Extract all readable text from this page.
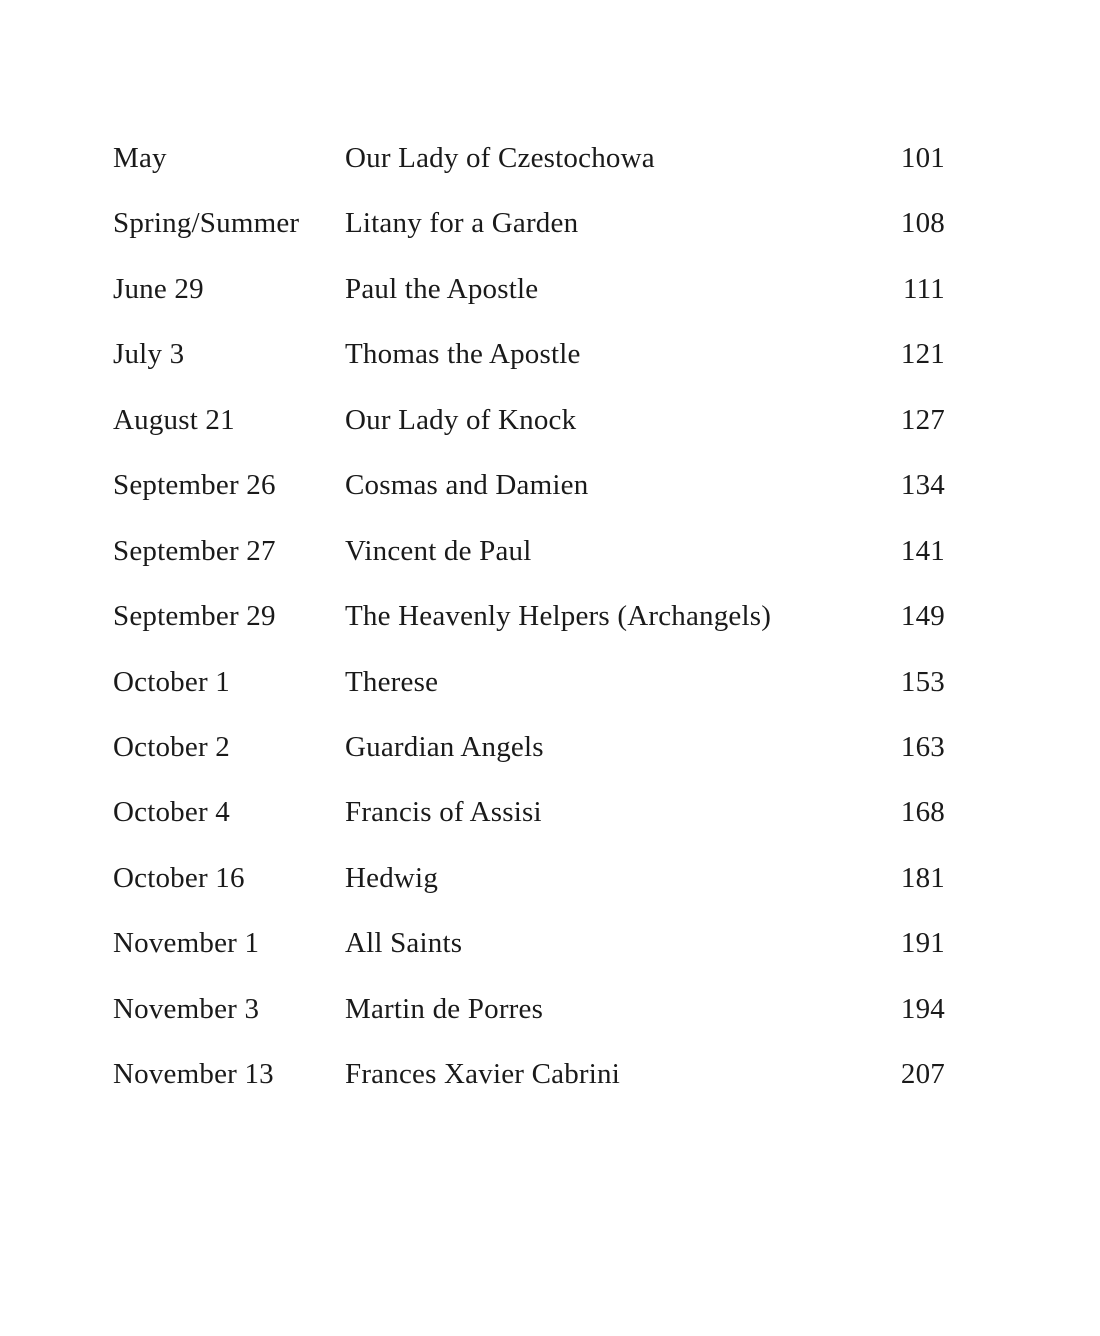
May	Our Lady of Czestochowa	101
Spring/Summer	Litany for a Garden	108
June 29	Paul the Apostle	111
July 3	Thomas the Apostle	121
August 21	Our Lady of Knock	127
September 26	Cosmas and Damien	134
September 27	Vincent de Paul	141
September 29	The Heavenly Helpers (Archangels)	149
October 1	Therese	153
October 2	Guardian Angels	163
October 4	Francis of Assisi	168
October 16	Hedwig	181
November 1	All Saints	191
November 3	Martin de Porres	194
November 13	Frances Xavier Cabrini	207
